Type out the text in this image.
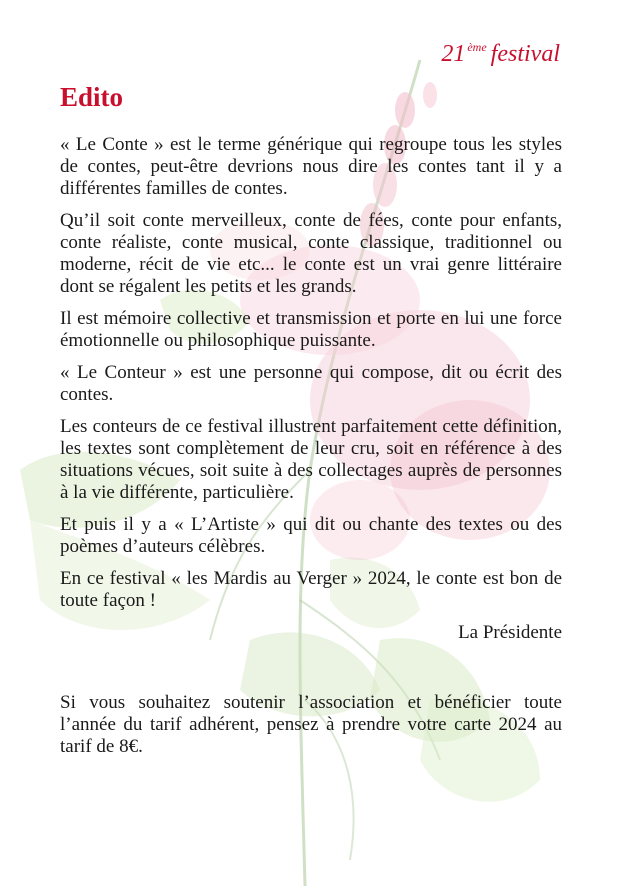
21 $^{ème}$ festival
Edito

« Le Conte » est le terme générique qui regroupe tous les styles de contes, peut-être devrions nous dire les contes tant il y a différentes familles de contes.

Qu’il soit conte merveilleux, conte de fées, conte pour enfants, conte réaliste, conte musical, conte classique, traditionnel ou moderne, récit de vie etc... le conte est un vrai genre littéraire dont se régalent les petits et les grands.

Il est mémoire collective et transmission et porte en lui une force émotionnelle ou philosophique puissante.

« Le Conteur » est une personne qui compose, dit ou écrit des contes.

Les conteurs de ce festival illustrent parfaitement cette définition, les textes sont complètement de leur cru, soit en référence à des situations vécues, soit suite à des collectages auprès de personnes à la vie différente, particulière.

Et puis il y a « L’Artiste » qui dit ou chante des textes ou des poèmes d’auteurs célèbres.

En ce festival « les Mardis au Verger » 2024, le conte est bon de toute façon !

La Présidente

Si vous souhaitez soutenir l’association et bénéficier toute l’année du tarif adhérent, pensez à prendre votre carte 2024 au tarif de 8€.
